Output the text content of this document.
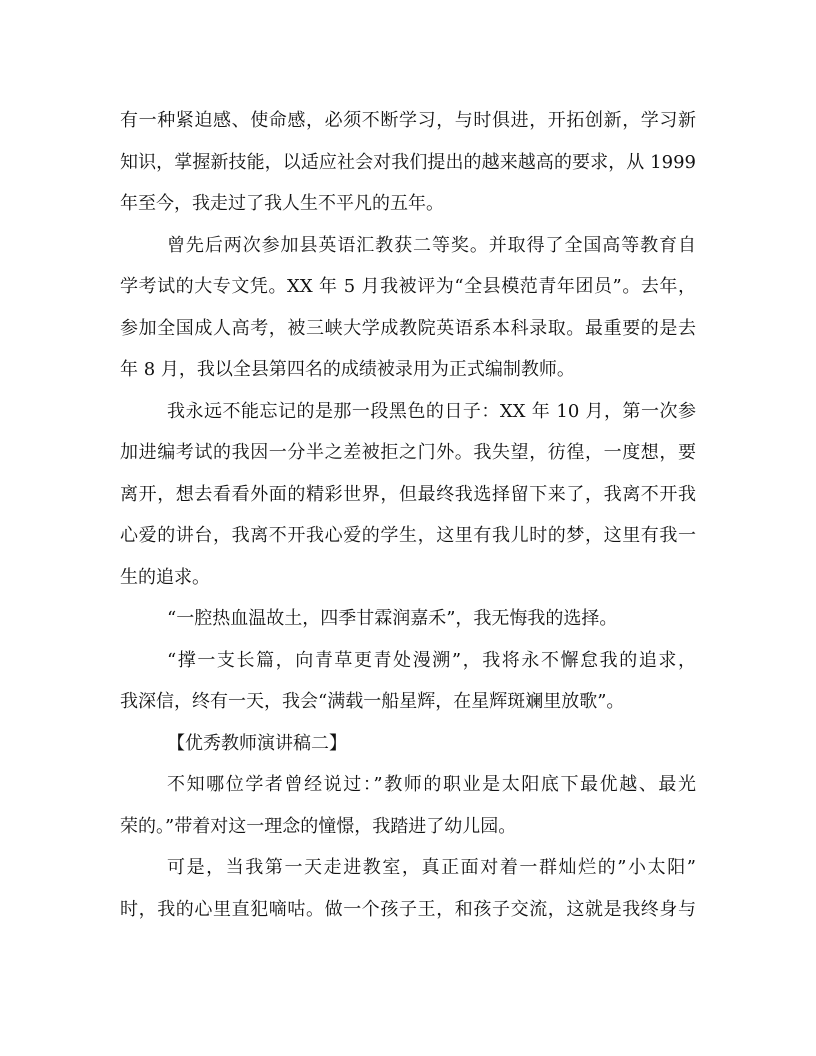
有一种紧迫感、使命感，必须不断学习，与时俱进，开拓创新，学习新
知识，掌握新技能，以适应社会对我们提出的越来越高的要求，从 1999
年至今，我走过了我人生不平凡的五年。
曾先后两次参加县英语汇教获二等奖。并取得了全国高等教育自
学考试的大专文凭。XX 年 5 月我被评为“全县模范青年团员”。去年，
参加全国成人高考，被三峡大学成教院英语系本科录取。最重要的是去
年 8 月，我以全县第四名的成绩被录用为正式编制教师。
我永远不能忘记的是那一段黑色的日子：XX 年 10 月，第一次参
加进编考试的我因一分半之差被拒之门外。我失望，彷徨，一度想，要
离开，想去看看外面的精彩世界，但最终我选择留下来了，我离不开我
心爱的讲台，我离不开我心爱的学生，这里有我儿时的梦，这里有我一
生的追求。
“一腔热血温故土，四季甘霖润嘉禾”，我无悔我的选择。
“撑一支长篇，向青草更青处漫溯”，我将永不懈怠我的追求，
我深信，终有一天，我会“满载一船星辉，在星辉斑斓里放歌”。
【优秀教师演讲稿二】
不知哪位学者曾经说过：”教师的职业是太阳底下最优越、最光
荣的。”带着对这一理念的憧憬，我踏进了幼儿园。
可是，当我第一天走进教室，真正面对着一群灿烂的”小太阳”
时，我的心里直犯嘀咕。做一个孩子王，和孩子交流，这就是我终身与
